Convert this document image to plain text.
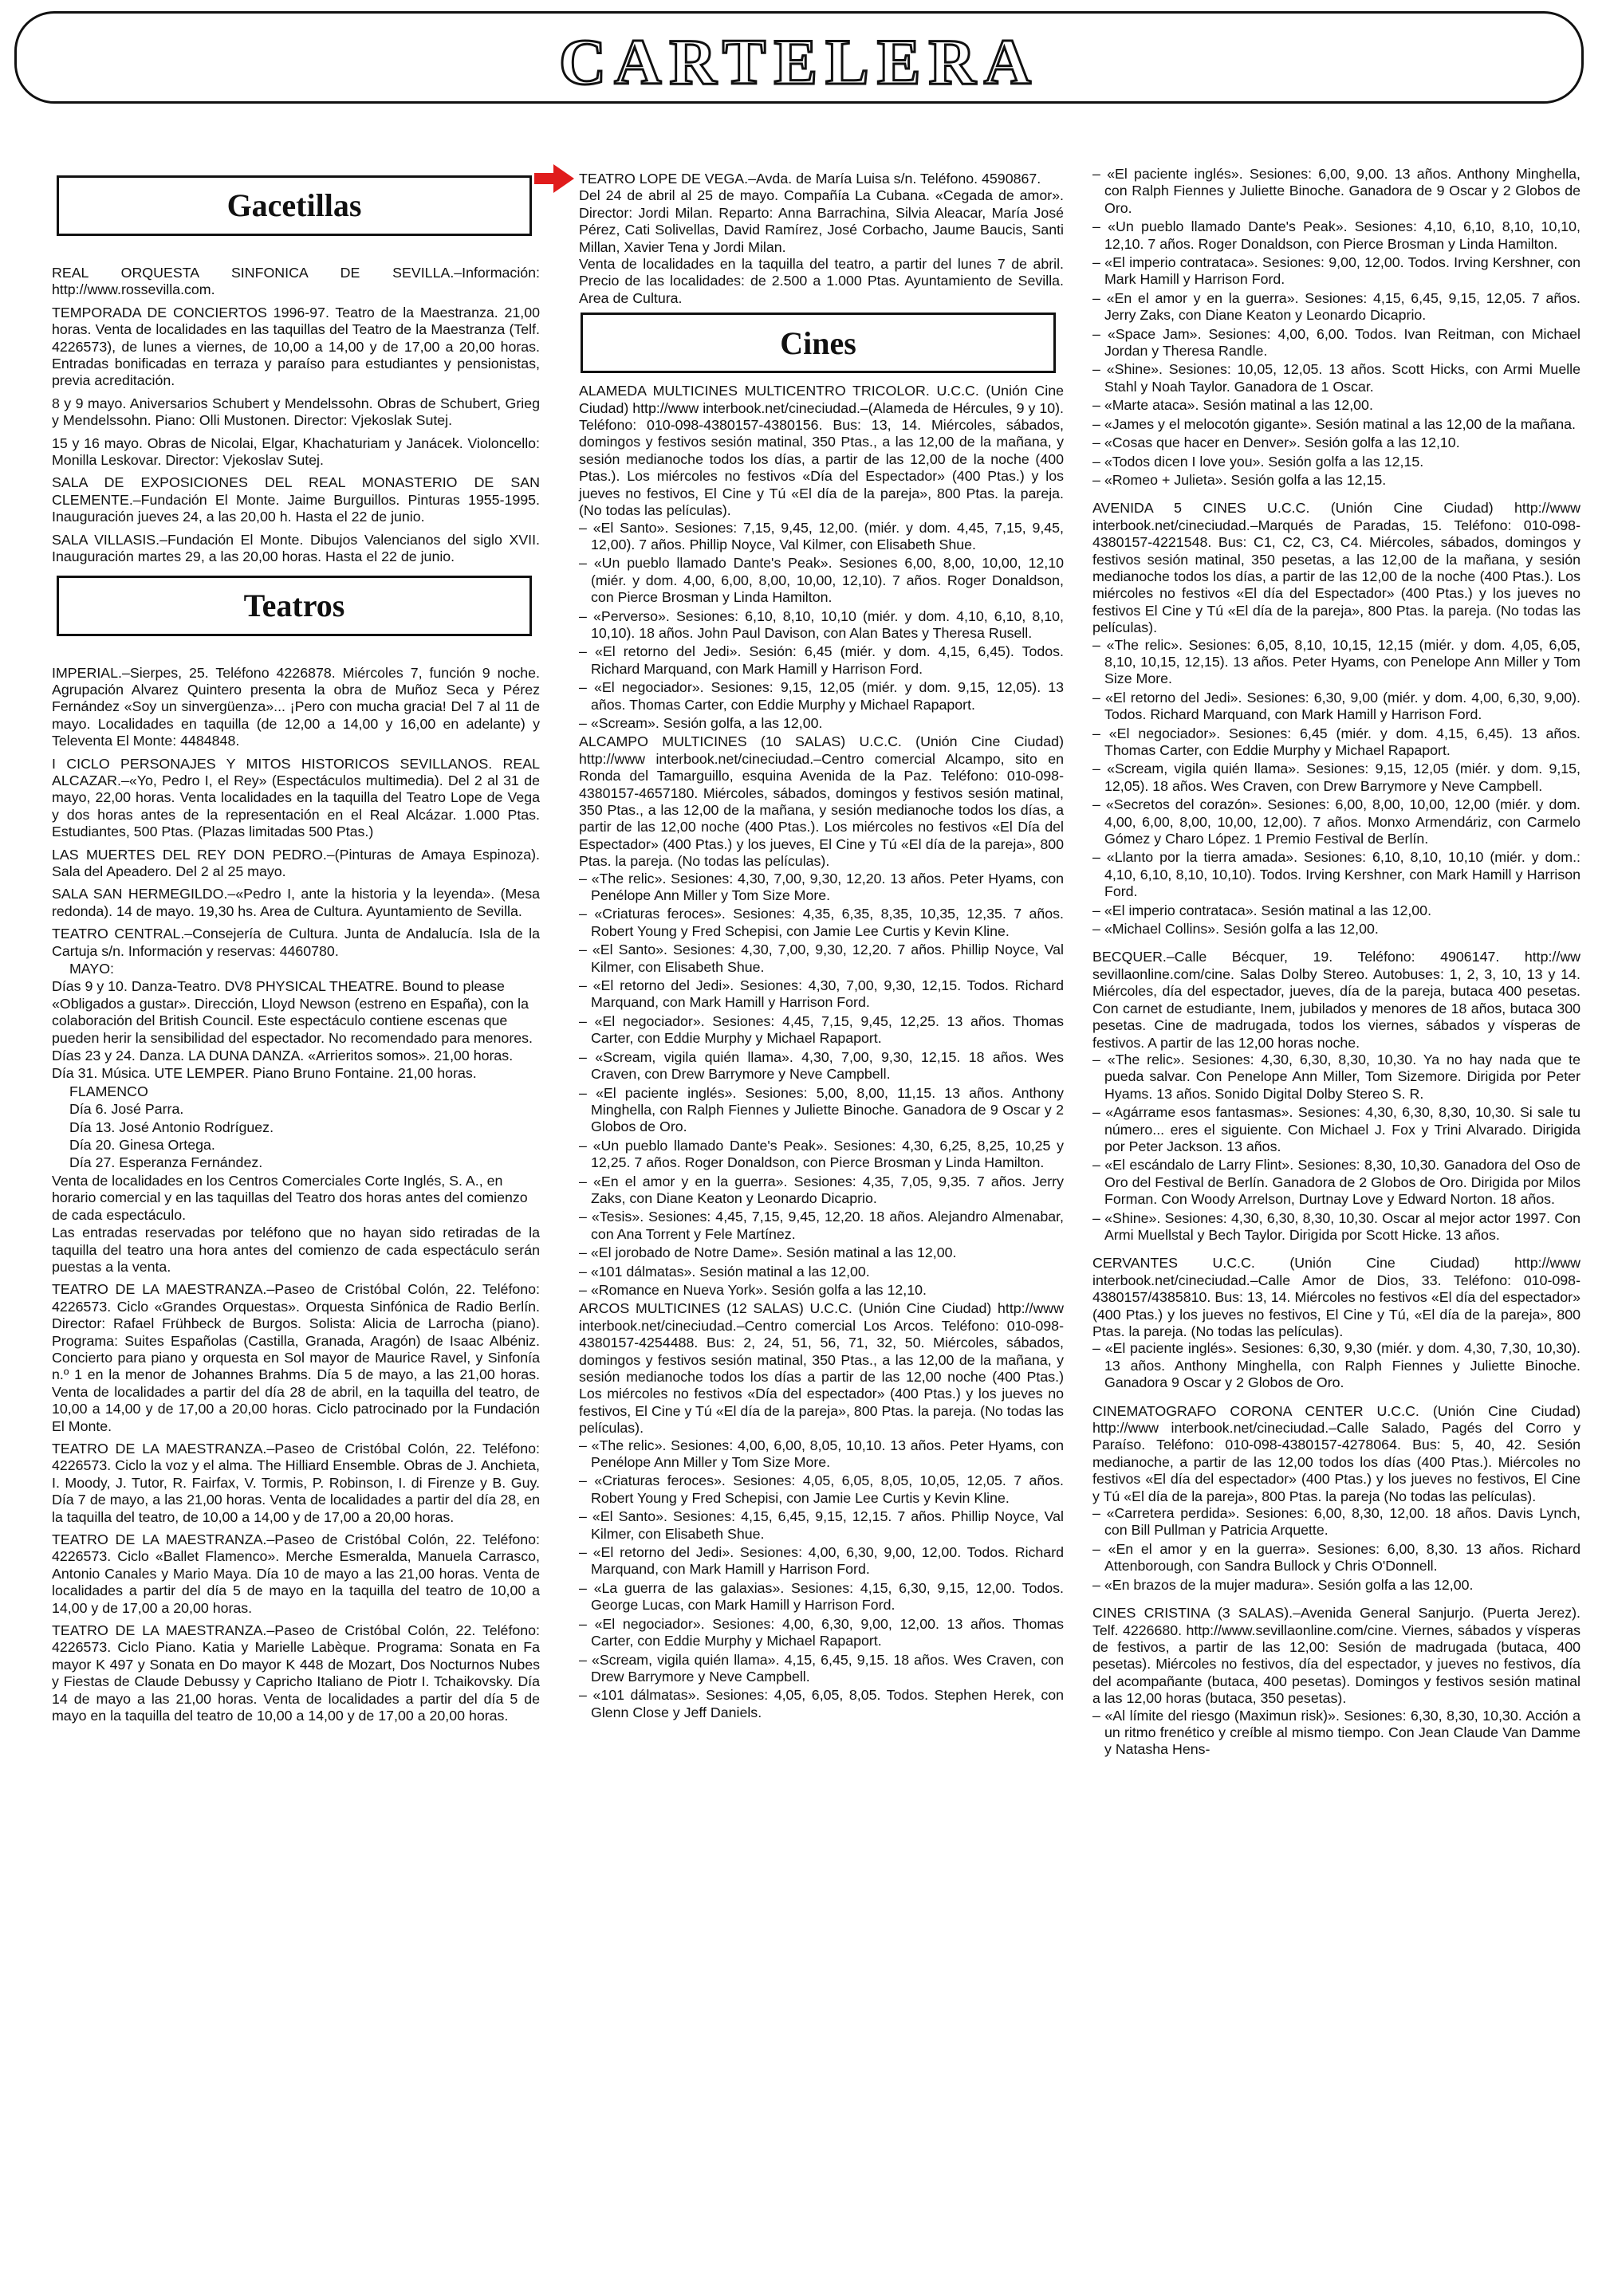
CARTELERA
Gacetillas

REAL ORQUESTA SINFONICA DE SEVILLA.–Información: http://www.rossevilla.com.

TEMPORADA DE CONCIERTOS 1996-97. Teatro de la Maestranza. 21,00 horas. Venta de localidades en las taquillas del Teatro de la Maestranza (Telf. 4226573), de lunes a viernes, de 10,00 a 14,00 y de 17,00 a 20,00 horas. Entradas bonificadas en terraza y paraíso para estudiantes y pensionistas, previa acreditación.

8 y 9 mayo. Aniversarios Schubert y Mendelssohn. Obras de Schubert, Grieg y Mendelssohn. Piano: Olli Mustonen. Director: Vjekoslak Sutej.

15 y 16 mayo. Obras de Nicolai, Elgar, Khachaturiam y Janácek. Violoncello: Monilla Leskovar. Director: Vjekoslav Sutej.

SALA DE EXPOSICIONES DEL REAL MONASTERIO DE SAN CLEMENTE.–Fundación El Monte. Jaime Burguillos. Pinturas 1955-1995. Inauguración jueves 24, a las 20,00 h. Hasta el 22 de junio.

SALA VILLASIS.–Fundación El Monte. Dibujos Valencianos del siglo XVII. Inauguración martes 29, a las 20,00 horas. Hasta el 22 de junio.

Teatros

IMPERIAL.–Sierpes, 25. Teléfono 4226878. Miércoles 7, función 9 noche. Agrupación Alvarez Quintero presenta la obra de Muñoz Seca y Pérez Fernández «Soy un sinvergüenza»... ¡Pero con mucha gracia! Del 7 al 11 de mayo. Localidades en taquilla (de 12,00 a 14,00 y 16,00 en adelante) y Televenta El Monte: 4484848.

I CICLO PERSONAJES Y MITOS HISTORICOS SEVILLANOS. REAL ALCAZAR.–«Yo, Pedro I, el Rey» (Espectáculos multimedia). Del 2 al 31 de mayo, 22,00 horas. Venta localidades en la taquilla del Teatro Lope de Vega y dos horas antes de la representación en el Real Alcázar. 1.000 Ptas. Estudiantes, 500 Ptas. (Plazas limitadas 500 Ptas.)

LAS MUERTES DEL REY DON PEDRO.–(Pinturas de Amaya Espinoza). Sala del Apeadero. Del 2 al 25 mayo.

SALA SAN HERMEGILDO.–«Pedro I, ante la historia y la leyenda». (Mesa redonda). 14 de mayo. 19,30 hs. Area de Cultura. Ayuntamiento de Sevilla.

TEATRO CENTRAL.–Consejería de Cultura. Junta de Andalucía. Isla de la Cartuja s/n. Información y reservas: 4460780.

MAYO:

Días 9 y 10. Danza-Teatro. DV8 PHYSICAL THEATRE. Bound to please «Obligados a gustar». Dirección, Lloyd Newson (estreno en España), con la colaboración del British Council. Este espectáculo contiene escenas que pueden herir la sensibilidad del espectador. No recomendado para menores.

Días 23 y 24. Danza. LA DUNA DANZA. «Arrieritos somos». 21,00 horas.

Día 31. Música. UTE LEMPER. Piano Bruno Fontaine. 21,00 horas.

FLAMENCO

Día 6. José Parra.

Día 13. José Antonio Rodríguez.

Día 20. Ginesa Ortega.

Día 27. Esperanza Fernández.

Venta de localidades en los Centros Comerciales Corte Inglés, S. A., en horario comercial y en las taquillas del Teatro dos horas antes del comienzo de cada espectáculo.

Las entradas reservadas por teléfono que no hayan sido retiradas de la taquilla del teatro una hora antes del comienzo de cada espectáculo serán puestas a la venta.

TEATRO DE LA MAESTRANZA.–Paseo de Cristóbal Colón, 22. Teléfono: 4226573. Ciclo «Grandes Orquestas». Orquesta Sinfónica de Radio Berlín. Director: Rafael Frühbeck de Burgos. Solista: Alicia de Larrocha (piano). Programa: Suites Españolas (Castilla, Granada, Aragón) de Isaac Albéniz. Concierto para piano y orquesta en Sol mayor de Maurice Ravel, y Sinfonía n.º 1 en la menor de Johannes Brahms. Día 5 de mayo, a las 21,00 horas. Venta de localidades a partir del día 28 de abril, en la taquilla del teatro, de 10,00 a 14,00 y de 17,00 a 20,00 horas. Ciclo patrocinado por la Fundación El Monte.

TEATRO DE LA MAESTRANZA.–Paseo de Cristóbal Colón, 22. Teléfono: 4226573. Ciclo la voz y el alma. The Hilliard Ensemble. Obras de J. Anchieta, I. Moody, J. Tutor, R. Fairfax, V. Tormis, P. Robinson, I. di Firenze y B. Guy. Día 7 de mayo, a las 21,00 horas. Venta de localidades a partir del día 28, en la taquilla del teatro, de 10,00 a 14,00 y de 17,00 a 20,00 horas.

TEATRO DE LA MAESTRANZA.–Paseo de Cristóbal Colón, 22. Teléfono: 4226573. Ciclo «Ballet Flamenco». Merche Esmeralda, Manuela Carrasco, Antonio Canales y Mario Maya. Día 10 de mayo a las 21,00 horas. Venta de localidades a partir del día 5 de mayo en la taquilla del teatro de 10,00 a 14,00 y de 17,00 a 20,00 horas.

TEATRO DE LA MAESTRANZA.–Paseo de Cristóbal Colón, 22. Teléfono: 4226573. Ciclo Piano. Katia y Marielle Labèque. Programa: Sonata en Fa mayor K 497 y Sonata en Do mayor K 448 de Mozart, Dos Nocturnos Nubes y Fiestas de Claude Debussy y Capricho Italiano de Piotr I. Tchaikovsky. Día 14 de mayo a las 21,00 horas. Venta de localidades a partir del día 5 de mayo en la taquilla del teatro de 10,00 a 14,00 y de 17,00 a 20,00 horas.

TEATRO LOPE DE VEGA.–Avda. de María Luisa s/n. Teléfono. 4590867.

Del 24 de abril al 25 de mayo. Compañía La Cubana. «Cegada de amor». Director: Jordi Milan. Reparto: Anna Barrachina, Silvia Aleacar, María José Pérez, Cati Solivellas, David Ramírez, José Corbacho, Jaume Baucis, Santi Millan, Xavier Tena y Jordi Milan.

Venta de localidades en la taquilla del teatro, a partir del lunes 7 de abril. Precio de las localidades: de 2.500 a 1.000 Ptas. Ayuntamiento de Sevilla. Area de Cultura.

Cines

ALAMEDA MULTICINES MULTICENTRO TRICOLOR. U.C.C. (Unión Cine Ciudad) http://www interbook.net/cineciudad.–(Alameda de Hércules, 9 y 10). Teléfono: 010-098-4380157-4380156. Bus: 13, 14. Miércoles, sábados, domingos y festivos sesión matinal, 350 Ptas., a las 12,00 de la mañana, y sesión medianoche todos los días, a partir de las 12,00 de la noche (400 Ptas.). Los miércoles no festivos «Día del Espectador» (400 Ptas.) y los jueves no festivos, El Cine y Tú «El día de la pareja», 800 Ptas. la pareja. (No todas las películas).

– «El Santo». Sesiones: 7,15, 9,45, 12,00. (miér. y dom. 4,45, 7,15, 9,45, 12,00). 7 años. Phillip Noyce, Val Kilmer, con Elisabeth Shue.

– «Un pueblo llamado Dante's Peak». Sesiones 6,00, 8,00, 10,00, 12,10 (miér. y dom. 4,00, 6,00, 8,00, 10,00, 12,10). 7 años. Roger Donaldson, con Pierce Brosman y Linda Hamilton.

– «Perverso». Sesiones: 6,10, 8,10, 10,10 (miér. y dom. 4,10, 6,10, 8,10, 10,10). 18 años. John Paul Davison, con Alan Bates y Theresa Rusell.

– «El retorno del Jedi». Sesión: 6,45 (miér. y dom. 4,15, 6,45). Todos. Richard Marquand, con Mark Hamill y Harrison Ford.

– «El negociador». Sesiones: 9,15, 12,05 (miér. y dom. 9,15, 12,05). 13 años. Thomas Carter, con Eddie Murphy y Michael Rapaport.

– «Scream». Sesión golfa, a las 12,00.

ALCAMPO MULTICINES (10 SALAS) U.C.C. (Unión Cine Ciudad) http://www interbook.net/cineciudad.–Centro comercial Alcampo, sito en Ronda del Tamarguillo, esquina Avenida de la Paz. Teléfono: 010-098-4380157-4657180. Miércoles, sábados, domingos y festivos sesión matinal, 350 Ptas., a las 12,00 de la mañana, y sesión medianoche todos los días, a partir de las 12,00 noche (400 Ptas.). Los miércoles no festivos «El Día del Espectador» (400 Ptas.) y los jueves, El Cine y Tú «El día de la pareja», 800 Ptas. la pareja. (No todas las películas).

– «The relic». Sesiones: 4,30, 7,00, 9,30, 12,20. 13 años. Peter Hyams, con Penélope Ann Miller y Tom Size More.

– «Criaturas feroces». Sesiones: 4,35, 6,35, 8,35, 10,35, 12,35. 7 años. Robert Young y Fred Schepisi, con Jamie Lee Curtis y Kevin Kline.

– «El Santo». Sesiones: 4,30, 7,00, 9,30, 12,20. 7 años. Phillip Noyce, Val Kilmer, con Elisabeth Shue.

– «El retorno del Jedi». Sesiones: 4,30, 7,00, 9,30, 12,15. Todos. Richard Marquand, con Mark Hamill y Harrison Ford.

– «El negociador». Sesiones: 4,45, 7,15, 9,45, 12,25. 13 años. Thomas Carter, con Eddie Murphy y Michael Rapaport.

– «Scream, vigila quién llama». 4,30, 7,00, 9,30, 12,15. 18 años. Wes Craven, con Drew Barrymore y Neve Campbell.

– «El paciente inglés». Sesiones: 5,00, 8,00, 11,15. 13 años. Anthony Minghella, con Ralph Fiennes y Juliette Binoche. Ganadora de 9 Oscar y 2 Globos de Oro.

– «Un pueblo llamado Dante's Peak». Sesiones: 4,30, 6,25, 8,25, 10,25 y 12,25. 7 años. Roger Donaldson, con Pierce Brosman y Linda Hamilton.

– «En el amor y en la guerra». Sesiones: 4,35, 7,05, 9,35. 7 años. Jerry Zaks, con Diane Keaton y Leonardo Dicaprio.

– «Tesis». Sesiones: 4,45, 7,15, 9,45, 12,20. 18 años. Alejandro Almenabar, con Ana Torrent y Fele Martínez.

– «El jorobado de Notre Dame». Sesión matinal a las 12,00.

– «101 dálmatas». Sesión matinal a las 12,00.

– «Romance en Nueva York». Sesión golfa a las 12,10.

ARCOS MULTICINES (12 SALAS) U.C.C. (Unión Cine Ciudad) http://www interbook.net/cineciudad.–Centro comercial Los Arcos. Teléfono: 010-098-4380157-4254488. Bus: 2, 24, 51, 56, 71, 32, 50. Miércoles, sábados, domingos y festivos sesión matinal, 350 Ptas., a las 12,00 de la mañana, y sesión medianoche todos los días a partir de las 12,00 noche (400 Ptas.) Los miércoles no festivos «Día del espectador» (400 Ptas.) y los jueves no festivos, El Cine y Tú «El día de la pareja», 800 Ptas. la pareja. (No todas las películas).

– «The relic». Sesiones: 4,00, 6,00, 8,05, 10,10. 13 años. Peter Hyams, con Penélope Ann Miller y Tom Size More.

– «Criaturas feroces». Sesiones: 4,05, 6,05, 8,05, 10,05, 12,05. 7 años. Robert Young y Fred Schepisi, con Jamie Lee Curtis y Kevin Kline.

– «El Santo». Sesiones: 4,15, 6,45, 9,15, 12,15. 7 años. Phillip Noyce, Val Kilmer, con Elisabeth Shue.

– «El retorno del Jedi». Sesiones: 4,00, 6,30, 9,00, 12,00. Todos. Richard Marquand, con Mark Hamill y Harrison Ford.

– «La guerra de las galaxias». Sesiones: 4,15, 6,30, 9,15, 12,00. Todos. George Lucas, con Mark Hamill y Harrison Ford.

– «El negociador». Sesiones: 4,00, 6,30, 9,00, 12,00. 13 años. Thomas Carter, con Eddie Murphy y Michael Rapaport.

– «Scream, vigila quién llama». 4,15, 6,45, 9,15. 18 años. Wes Craven, con Drew Barrymore y Neve Campbell.

– «101 dálmatas». Sesiones: 4,05, 6,05, 8,05. Todos. Stephen Herek, con Glenn Close y Jeff Daniels.

– «El paciente inglés». Sesiones: 6,00, 9,00. 13 años. Anthony Minghella, con Ralph Fiennes y Juliette Binoche. Ganadora de 9 Oscar y 2 Globos de Oro.

– «Un pueblo llamado Dante's Peak». Sesiones: 4,10, 6,10, 8,10, 10,10, 12,10. 7 años. Roger Donaldson, con Pierce Brosman y Linda Hamilton.

– «El imperio contrataca». Sesiones: 9,00, 12,00. Todos. Irving Kershner, con Mark Hamill y Harrison Ford.

– «En el amor y en la guerra». Sesiones: 4,15, 6,45, 9,15, 12,05. 7 años. Jerry Zaks, con Diane Keaton y Leonardo Dicaprio.

– «Space Jam». Sesiones: 4,00, 6,00. Todos. Ivan Reitman, con Michael Jordan y Theresa Randle.

– «Shine». Sesiones: 10,05, 12,05. 13 años. Scott Hicks, con Armi Muelle Stahl y Noah Taylor. Ganadora de 1 Oscar.

– «Marte ataca». Sesión matinal a las 12,00.

– «James y el melocotón gigante». Sesión matinal a las 12,00 de la mañana.

– «Cosas que hacer en Denver». Sesión golfa a las 12,10.

– «Todos dicen I love you». Sesión golfa a las 12,15.

– «Romeo + Julieta». Sesión golfa a las 12,15.

AVENIDA 5 CINES U.C.C. (Unión Cine Ciudad) http://www interbook.net/cineciudad.–Marqués de Paradas, 15. Teléfono: 010-098-4380157-4221548. Bus: C1, C2, C3, C4. Miércoles, sábados, domingos y festivos sesión matinal, 350 pesetas, a las 12,00 de la mañana, y sesión medianoche todos los días, a partir de las 12,00 de la noche (400 Ptas.). Los miércoles no festivos «El día del Espectador» (400 Ptas.) y los jueves no festivos El Cine y Tú «El día de la pareja», 800 Ptas. la pareja. (No todas las películas).

– «The relic». Sesiones: 6,05, 8,10, 10,15, 12,15 (miér. y dom. 4,05, 6,05, 8,10, 10,15, 12,15). 13 años. Peter Hyams, con Penelope Ann Miller y Tom Size More.

– «El retorno del Jedi». Sesiones: 6,30, 9,00 (miér. y dom. 4,00, 6,30, 9,00). Todos. Richard Marquand, con Mark Hamill y Harrison Ford.

– «El negociador». Sesiones: 6,45 (miér. y dom. 4,15, 6,45). 13 años. Thomas Carter, con Eddie Murphy y Michael Rapaport.

– «Scream, vigila quién llama». Sesiones: 9,15, 12,05 (miér. y dom. 9,15, 12,05). 18 años. Wes Craven, con Drew Barrymore y Neve Campbell.

– «Secretos del corazón». Sesiones: 6,00, 8,00, 10,00, 12,00 (miér. y dom. 4,00, 6,00, 8,00, 10,00, 12,00). 7 años. Monxo Armendáriz, con Carmelo Gómez y Charo López. 1 Premio Festival de Berlín.

– «Llanto por la tierra amada». Sesiones: 6,10, 8,10, 10,10 (miér. y dom.: 4,10, 6,10, 8,10, 10,10). Todos. Irving Kershner, con Mark Hamill y Harrison Ford.

– «El imperio contrataca». Sesión matinal a las 12,00.

– «Michael Collins». Sesión golfa a las 12,00.

BECQUER.–Calle Bécquer, 19. Teléfono: 4906147. http://ww sevillaonline.com/cine. Salas Dolby Stereo. Autobuses: 1, 2, 3, 10, 13 y 14. Miércoles, día del espectador, jueves, día de la pareja, butaca 400 pesetas. Con carnet de estudiante, Inem, jubilados y menores de 18 años, butaca 300 pesetas. Cine de madrugada, todos los viernes, sábados y vísperas de festivos. A partir de las 12,00 horas noche.

– «The relic». Sesiones: 4,30, 6,30, 8,30, 10,30. Ya no hay nada que te pueda salvar. Con Penelope Ann Miller, Tom Sizemore. Dirigida por Peter Hyams. 13 años. Sonido Digital Dolby Stereo S. R.

– «Agárrame esos fantasmas». Sesiones: 4,30, 6,30, 8,30, 10,30. Si sale tu número... eres el siguiente. Con Michael J. Fox y Trini Alvarado. Dirigida por Peter Jackson. 13 años.

– «El escándalo de Larry Flint». Sesiones: 8,30, 10,30. Ganadora del Oso de Oro del Festival de Berlín. Ganadora de 2 Globos de Oro. Dirigida por Milos Forman. Con Woody Arrelson, Durtnay Love y Edward Norton. 18 años.

– «Shine». Sesiones: 4,30, 6,30, 8,30, 10,30. Oscar al mejor actor 1997. Con Armi Muellstal y Bech Taylor. Dirigida por Scott Hicke. 13 años.

CERVANTES U.C.C. (Unión Cine Ciudad) http://www interbook.net/cineciudad.–Calle Amor de Dios, 33. Teléfono: 010-098-4380157/4385810. Bus: 13, 14. Miércoles no festivos «El día del espectador» (400 Ptas.) y los jueves no festivos, El Cine y Tú, «El día de la pareja», 800 Ptas. la pareja. (No todas las películas).

– «El paciente inglés». Sesiones: 6,30, 9,30 (miér. y dom. 4,30, 7,30, 10,30). 13 años. Anthony Minghella, con Ralph Fiennes y Juliette Binoche. Ganadora 9 Oscar y 2 Globos de Oro.

CINEMATOGRAFO CORONA CENTER U.C.C. (Unión Cine Ciudad) http://www interbook.net/cineciudad.–Calle Salado, Pagés del Corro y Paraíso. Teléfono: 010-098-4380157-4278064. Bus: 5, 40, 42. Sesión medianoche, a partir de las 12,00 todos los días (400 Ptas.). Miércoles no festivos «El día del espectador» (400 Ptas.) y los jueves no festivos, El Cine y Tú «El día de la pareja», 800 Ptas. la pareja (No todas las películas).

– «Carretera perdida». Sesiones: 6,00, 8,30, 12,00. 18 años. Davis Lynch, con Bill Pullman y Patricia Arquette.

– «En el amor y en la guerra». Sesiones: 6,00, 8,30. 13 años. Richard Attenborough, con Sandra Bullock y Chris O'Donnell.

– «En brazos de la mujer madura». Sesión golfa a las 12,00.

CINES CRISTINA (3 SALAS).–Avenida General Sanjurjo. (Puerta Jerez). Telf. 4226680. http://www.sevillaonline.com/cine. Viernes, sábados y vísperas de festivos, a partir de las 12,00: Sesión de madrugada (butaca, 400 pesetas). Miércoles no festivos, día del espectador, y jueves no festivos, día del acompañante (butaca, 400 pesetas). Domingos y festivos sesión matinal a las 12,00 horas (butaca, 350 pesetas).

– «Al límite del riesgo (Maximun risk)». Sesiones: 6,30, 8,30, 10,30. Acción a un ritmo frenético y creíble al mismo tiempo. Con Jean Claude Van Damme y Natasha Hens-
